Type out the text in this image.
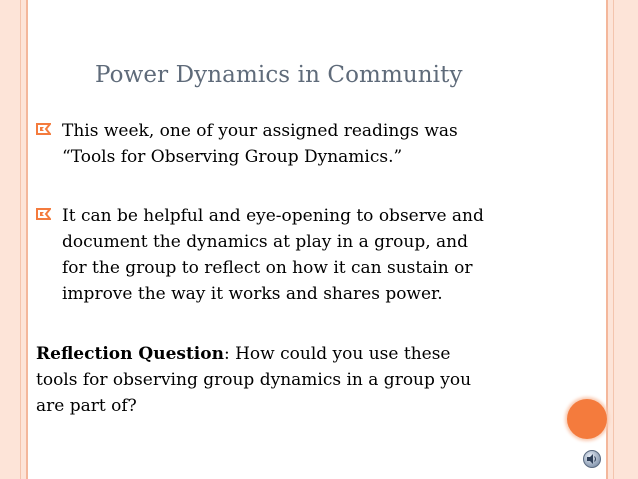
Power Dynamics in Community
This week, one of your assigned readings was
“Tools for Observing Group Dynamics.”
It can be helpful and eye-opening to observe and
document the dynamics at play in a group, and
for the group to reflect on how it can sustain or
improve the way it works and shares power.
Reflection Question: How could you use these
tools for observing group dynamics in a group you
are part of?
